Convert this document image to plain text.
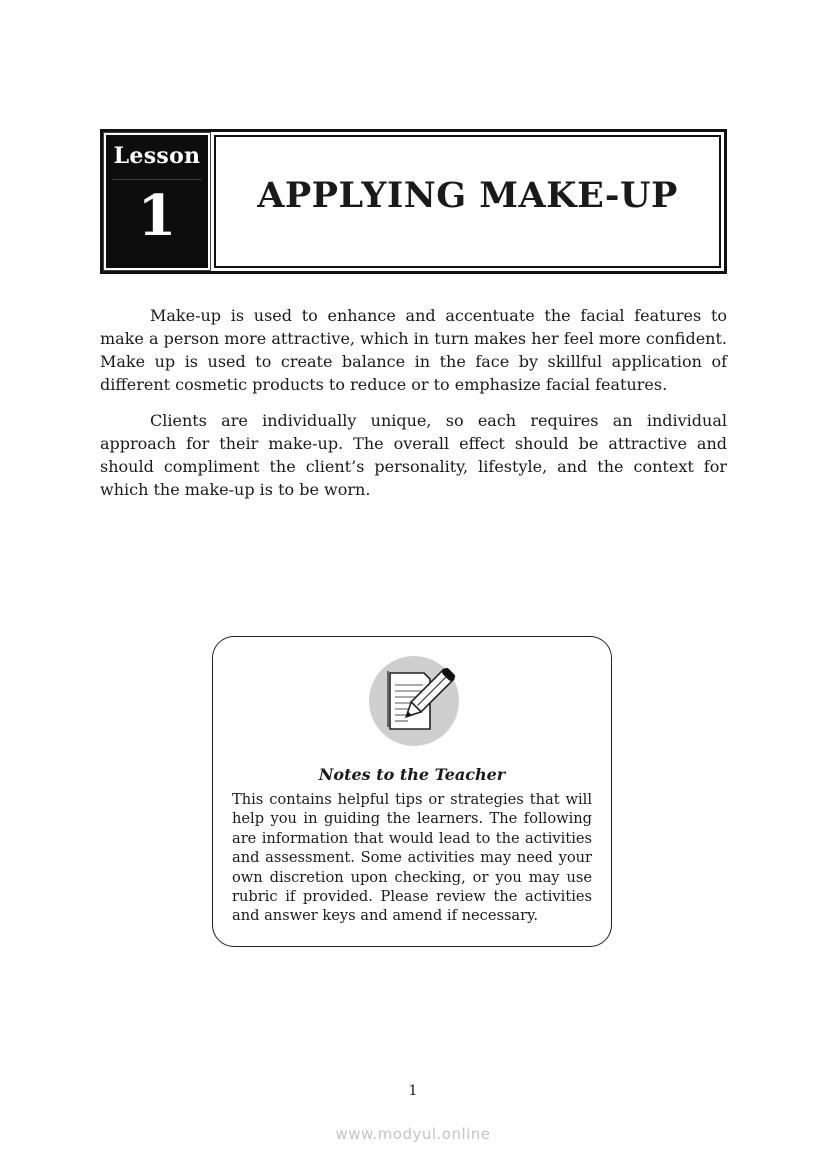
Lesson
1	APPLYING MAKE-UP

Make-up is used to enhance and accentuate the facial features to make a person more attractive, which in turn makes her feel more confident. Make up is used to create balance in the face by skillful application of different cosmetic products to reduce or to emphasize facial features.

Clients are individually unique, so each requires an individual approach for their make-up. The overall effect should be attractive and should compliment the client’s personality, lifestyle, and the context for which the make-up is to be worn.

Notes to the Teacher
This contains helpful tips or strategies that will help you in guiding the learners. The following are information that would lead to the activities and assessment. Some activities may need your own discretion upon checking, or you may use rubric if provided. Please review the activities and answer keys and amend if necessary.
1
www.modyul.online
